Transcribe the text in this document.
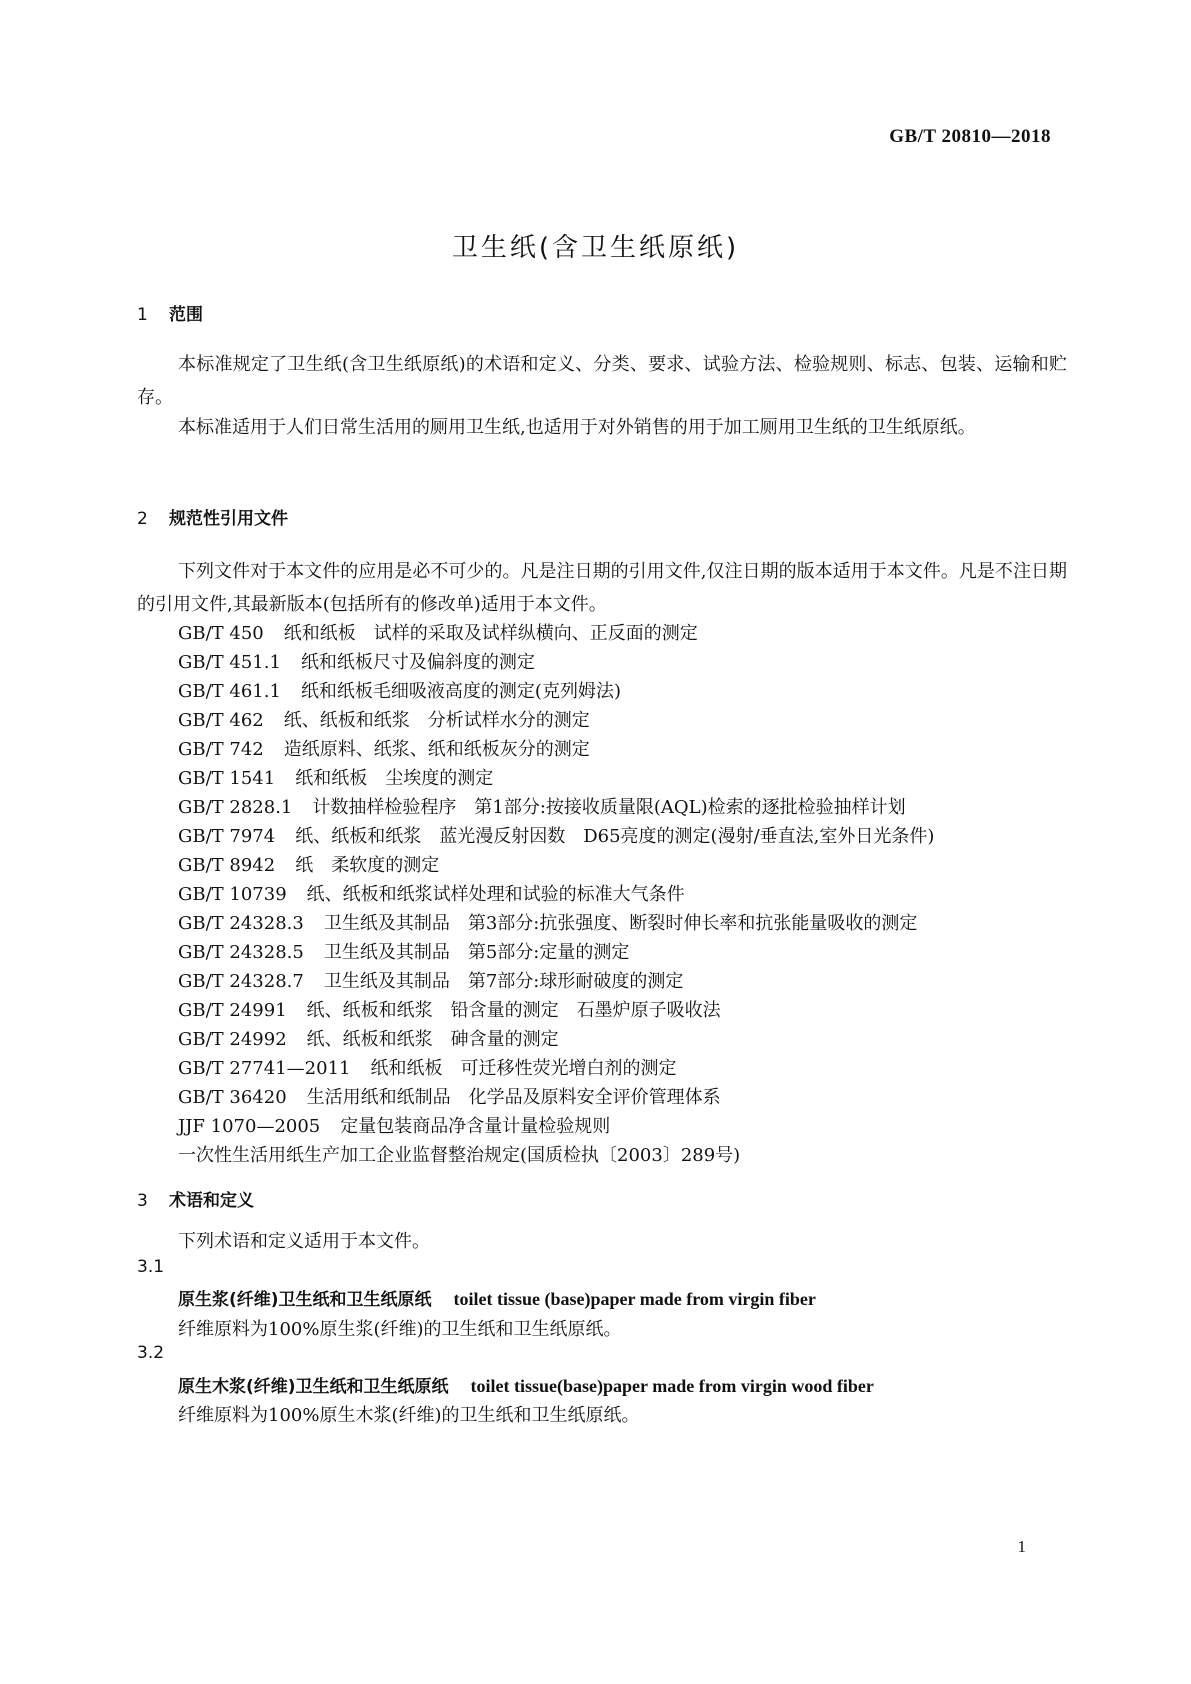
GB/T 20810—2018
卫生纸(含卫生纸原纸)
1 范围
本标准规定了卫生纸(含卫生纸原纸)的术语和定义、分类、要求、试验方法、检验规则、标志、包装、运输和贮存。
本标准适用于人们日常生活用的厕用卫生纸,也适用于对外销售的用于加工厕用卫生纸的卫生纸原纸。
2 规范性引用文件
下列文件对于本文件的应用是必不可少的。凡是注日期的引用文件,仅注日期的版本适用于本文件。凡是不注日期的引用文件,其最新版本(包括所有的修改单)适用于本文件。
GB/T 450 纸和纸板　试样的采取及试样纵横向、正反面的测定
GB/T 451.1 纸和纸板尺寸及偏斜度的测定
GB/T 461.1 纸和纸板毛细吸液高度的测定(克列姆法)
GB/T 462 纸、纸板和纸浆　分析试样水分的测定
GB/T 742 造纸原料、纸浆、纸和纸板灰分的测定
GB/T 1541 纸和纸板　尘埃度的测定
GB/T 2828.1 计数抽样检验程序　第1部分:按接收质量限(AQL)检索的逐批检验抽样计划
GB/T 7974 纸、纸板和纸浆　蓝光漫反射因数　D65亮度的测定(漫射/垂直法,室外日光条件)
GB/T 8942 纸　柔软度的测定
GB/T 10739 纸、纸板和纸浆试样处理和试验的标准大气条件
GB/T 24328.3 卫生纸及其制品　第3部分:抗张强度、断裂时伸长率和抗张能量吸收的测定
GB/T 24328.5 卫生纸及其制品　第5部分:定量的测定
GB/T 24328.7 卫生纸及其制品　第7部分:球形耐破度的测定
GB/T 24991 纸、纸板和纸浆　铅含量的测定　石墨炉原子吸收法
GB/T 24992 纸、纸板和纸浆　砷含量的测定
GB/T 27741—2011 纸和纸板　可迁移性荧光增白剂的测定
GB/T 36420 生活用纸和纸制品　化学品及原料安全评价管理体系
JJF 1070—2005 定量包装商品净含量计量检验规则
一次性生活用纸生产加工企业监督整治规定(国质检执〔2003〕289号)
3 术语和定义
下列术语和定义适用于本文件。
3.1
原生浆(纤维)卫生纸和卫生纸原纸 toilet tissue (base)paper made from virgin fiber
纤维原料为100%原生浆(纤维)的卫生纸和卫生纸原纸。
3.2
原生木浆(纤维)卫生纸和卫生纸原纸 toilet tissue(base)paper made from virgin wood fiber
纤维原料为100%原生木浆(纤维)的卫生纸和卫生纸原纸。
1
